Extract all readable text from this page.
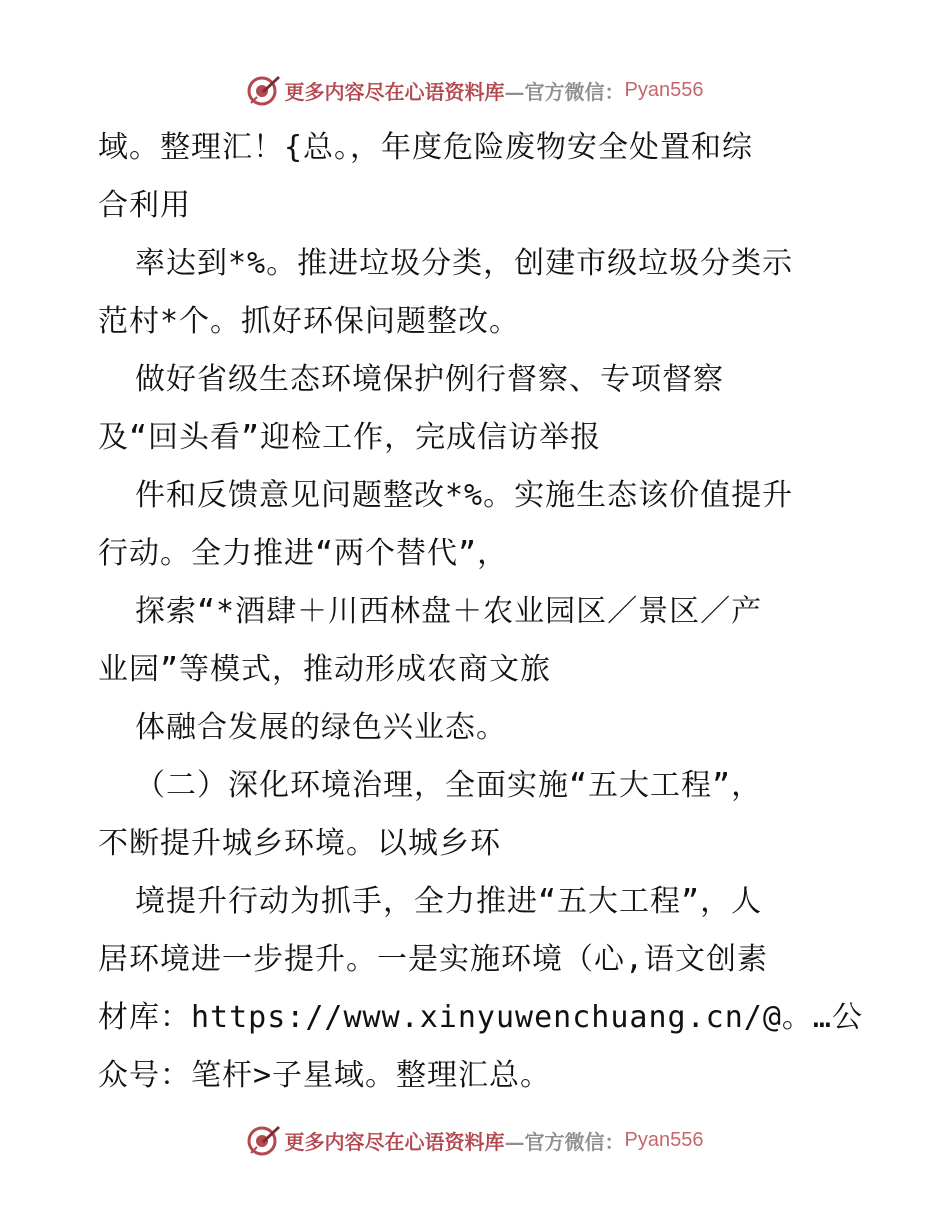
更多内容尽在心语资料库 —官方微信： Pyan556
域。整理汇！{总。，年度危险废物安全处置和综
合利用
率达到*%。推进垃圾分类，创建市级垃圾分类示
范村*个。抓好环保问题整改。
做好省级生态环境保护例行督察、专项督察
及“回头看”迎检工作，完成信访举报
件和反馈意见问题整改*%。实施生态该价值提升
行动。全力推进“两个替代”，
探索“*酒肆＋川西林盘＋农业园区／景区／产
业园”等模式，推动形成农商文旅
体融合发展的绿色兴业态。
（二）深化环境治理，全面实施“五大工程”，
不断提升城乡环境。以城乡环
境提升行动为抓手，全力推进“五大工程”，人
居环境进一步提升。一是实施环境（心,语文创素
材库：https://www.xinyuwenchuang.cn/@。…公
众号：笔杆>子星域。整理汇总。
更多内容尽在心语资料库 —官方微信： Pyan556
